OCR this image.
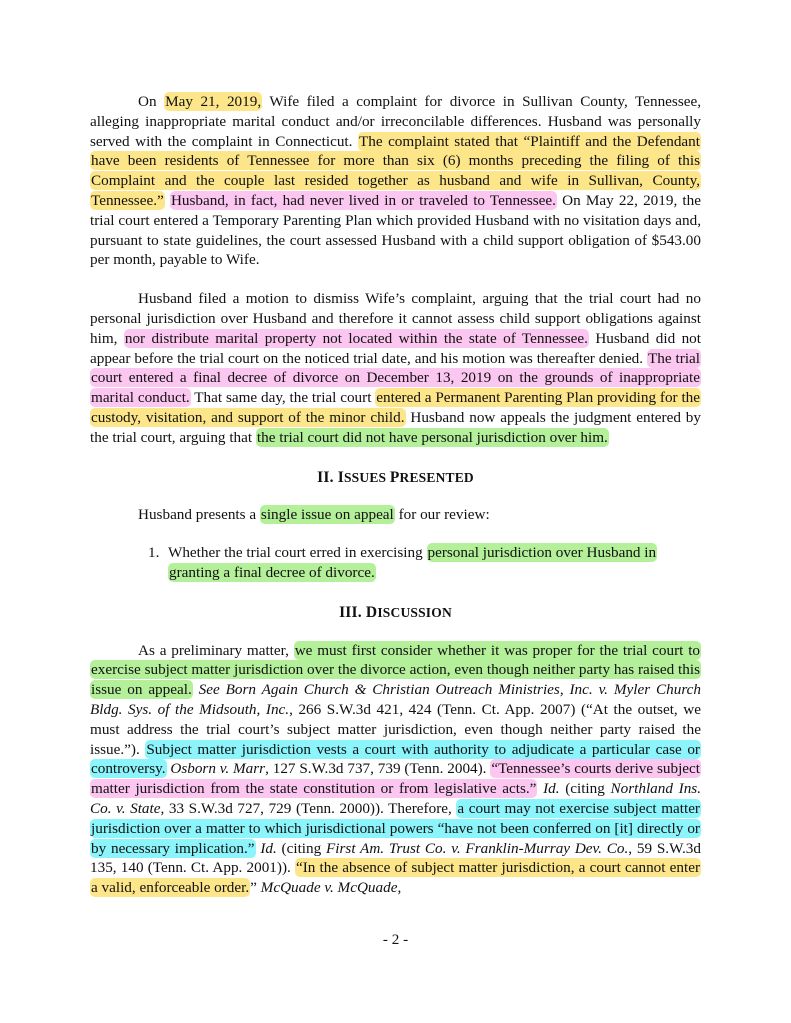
On May 21, 2019, Wife filed a complaint for divorce in Sullivan County, Tennessee, alleging inappropriate marital conduct and/or irreconcilable differences. Husband was personally served with the complaint in Connecticut. The complaint stated that “Plaintiff and the Defendant have been residents of Tennessee for more than six (6) months preceding the filing of this Complaint and the couple last resided together as husband and wife in Sullivan, County, Tennessee.” Husband, in fact, had never lived in or traveled to Tennessee. On May 22, 2019, the trial court entered a Temporary Parenting Plan which provided Husband with no visitation days and, pursuant to state guidelines, the court assessed Husband with a child support obligation of $543.00 per month, payable to Wife.

Husband filed a motion to dismiss Wife’s complaint, arguing that the trial court had no personal jurisdiction over Husband and therefore it cannot assess child support obligations against him, nor distribute marital property not located within the state of Tennessee. Husband did not appear before the trial court on the noticed trial date, and his motion was thereafter denied. The trial court entered a final decree of divorce on December 13, 2019 on the grounds of inappropriate marital conduct. That same day, the trial court entered a Permanent Parenting Plan providing for the custody, visitation, and support of the minor child. Husband now appeals the judgment entered by the trial court, arguing that the trial court did not have personal jurisdiction over him.

II. ISSUES PRESENTED

Husband presents a single issue on appeal for our review:

1. Whether the trial court erred in exercising personal jurisdiction over Husband in granting a final decree of divorce.
III. DISCUSSION

As a preliminary matter, we must first consider whether it was proper for the trial court to exercise subject matter jurisdiction over the divorce action, even though neither party has raised this issue on appeal. See Born Again Church & Christian Outreach Ministries, Inc. v. Myler Church Bldg. Sys. of the Midsouth, Inc., 266 S.W.3d 421, 424 (Tenn. Ct. App. 2007) (“At the outset, we must address the trial court’s subject matter jurisdiction, even though neither party raised the issue.”). Subject matter jurisdiction vests a court with authority to adjudicate a particular case or controversy. Osborn v. Marr, 127 S.W.3d 737, 739 (Tenn. 2004). “Tennessee’s courts derive subject matter jurisdiction from the state constitution or from legislative acts.” Id. (citing Northland Ins. Co. v. State, 33 S.W.3d 727, 729 (Tenn. 2000)). Therefore, a court may not exercise subject matter jurisdiction over a matter to which jurisdictional powers “have not been conferred on [it] directly or by necessary implication.” Id. (citing First Am. Trust Co. v. Franklin-Murray Dev. Co., 59 S.W.3d 135, 140 (Tenn. Ct. App. 2001)). “In the absence of subject matter jurisdiction, a court cannot enter a valid, enforceable order.” McQuade v. McQuade,

- 2 -
